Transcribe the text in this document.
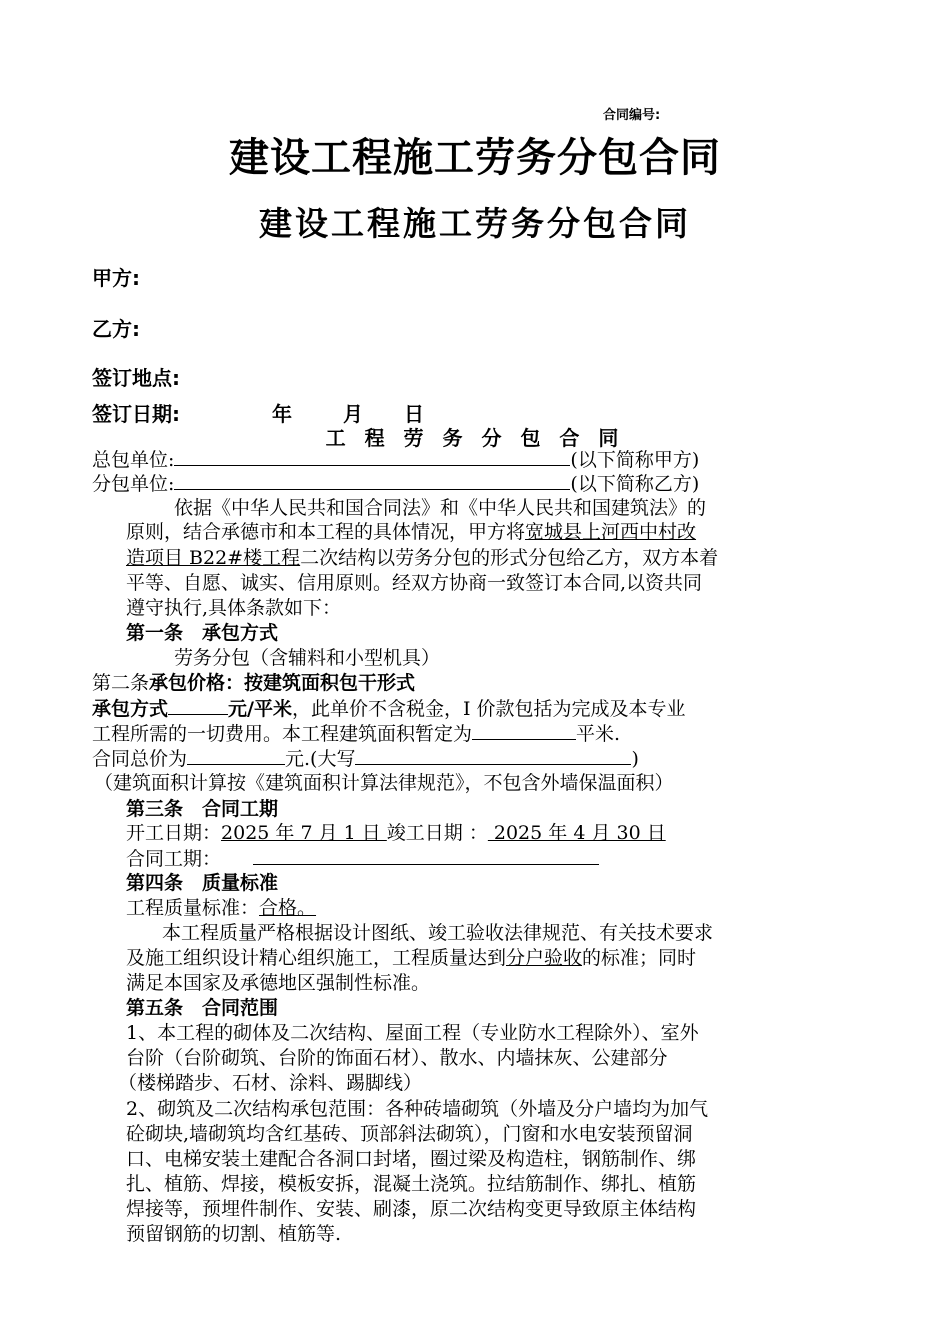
合同编号:
建设工程施工劳务分包合同
建设工程施工劳务分包合同
甲方:
乙方:
签订地点:
签订日期:	年	月 日
工 程 劳 务 分 包 合 同
总包单位:	(以下简称甲方)
分包单位:	(以下简称乙方)
依据《中华人民共和国合同法》和《中华人民共和国建筑法》的
原则，结合承德市和本工程的具体情况，甲方将宽城县上河西中村改
造项目 B22#楼工程二次结构以劳务分包的形式分包给乙方，双方本着
平等、自愿、诚实、信用原则。经双方协商一致签订本合同,以资共同
遵守执行,具体条款如下：
第一条　承包方式
劳务分包（含辅料和小型机具）
第二条承包价格：按建筑面积包干形式
承包方式	元/平米，此单价不含税金，I 价款包括为完成及本专业
工程所需的一切费用。本工程建筑面积暂定为	平米.
合同总价为	元.(大写	)
（建筑面积计算按《建筑面积计算法律规范》，不包含外墙保温面积）
第三条　合同工期
开工日期：2025 年 7 月 1 日 竣工日期 ： 2025 年 4 月 30 日
合同工期：
第四条　质量标准
工程质量标准：合格。
本工程质量严格根据设计图纸、竣工验收法律规范、有关技术要求
及施工组织设计精心组织施工，工程质量达到分户验收的标准；同时
满足本国家及承德地区强制性标准。
第五条　合同范围
1、本工程的砌体及二次结构、屋面工程（专业防水工程除外）、室外
台阶（台阶砌筑、台阶的饰面石材）、散水、内墙抹灰、公建部分
（楼梯踏步、石材、涂料、踢脚线）
2、砌筑及二次结构承包范围：各种砖墙砌筑（外墙及分户墙均为加气
砼砌块,墙砌筑均含红基砖、顶部斜法砌筑），门窗和水电安装预留洞
口、电梯安装土建配合各洞口封堵，圈过梁及构造柱，钢筋制作、绑
扎、植筋、焊接，模板安拆，混凝土浇筑。拉结筋制作、绑扎、植筋
焊接等，预埋件制作、安装、刷漆，原二次结构变更导致原主体结构
预留钢筋的切割、植筋等.
